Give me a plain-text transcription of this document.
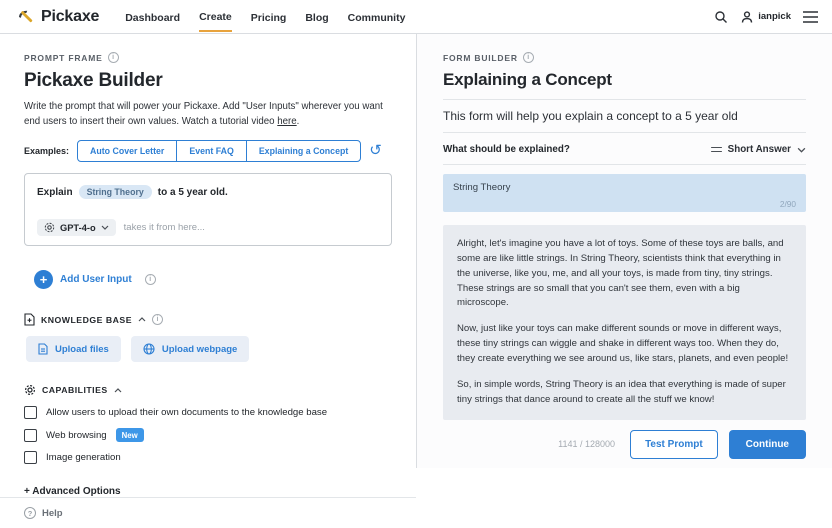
Pickaxe Dashboard Create Pricing Blog Community	ianpick
PROMPT FRAME	i
Pickaxe Builder

Write the prompt that will power your Pickaxe. Add "User Inputs" wherever you want end users to insert their own values. Watch a tutorial video here.

Examples:	Auto Cover Letter	Event FAQ	Explaining a Concept	↺
Explain	String Theory	to a 5 year old.
GPT-4-o	takes it from here...
+	Add User Input	i
KNOWLEDGE BASE	i
Upload files	Upload webpage
CAPABILITIES
Allow users to upload their own documents to the knowledge base
Web browsing	New
Image generation
+ Advanced Options
?	Help
FORM BUILDER	i
Explaining a Concept
This form will help you explain a concept to a 5 year old
What should be explained?	Short Answer
String Theory
2/90

Alright, let's imagine you have a lot of toys. Some of these toys are balls, and some are like little strings. In String Theory, scientists think that everything in the universe, like you, me, and all your toys, is made from tiny, tiny strings. These strings are so small that you can't see them, even with a big microscope.

Now, just like your toys can make different sounds or move in different ways, these tiny strings can wiggle and shake in different ways too. When they do, they create everything we see around us, like stars, planets, and even people!

So, in simple words, String Theory is an idea that everything is made of super tiny strings that dance around to create all the stuff we know!

1141 / 128000	Test Prompt	Continue
